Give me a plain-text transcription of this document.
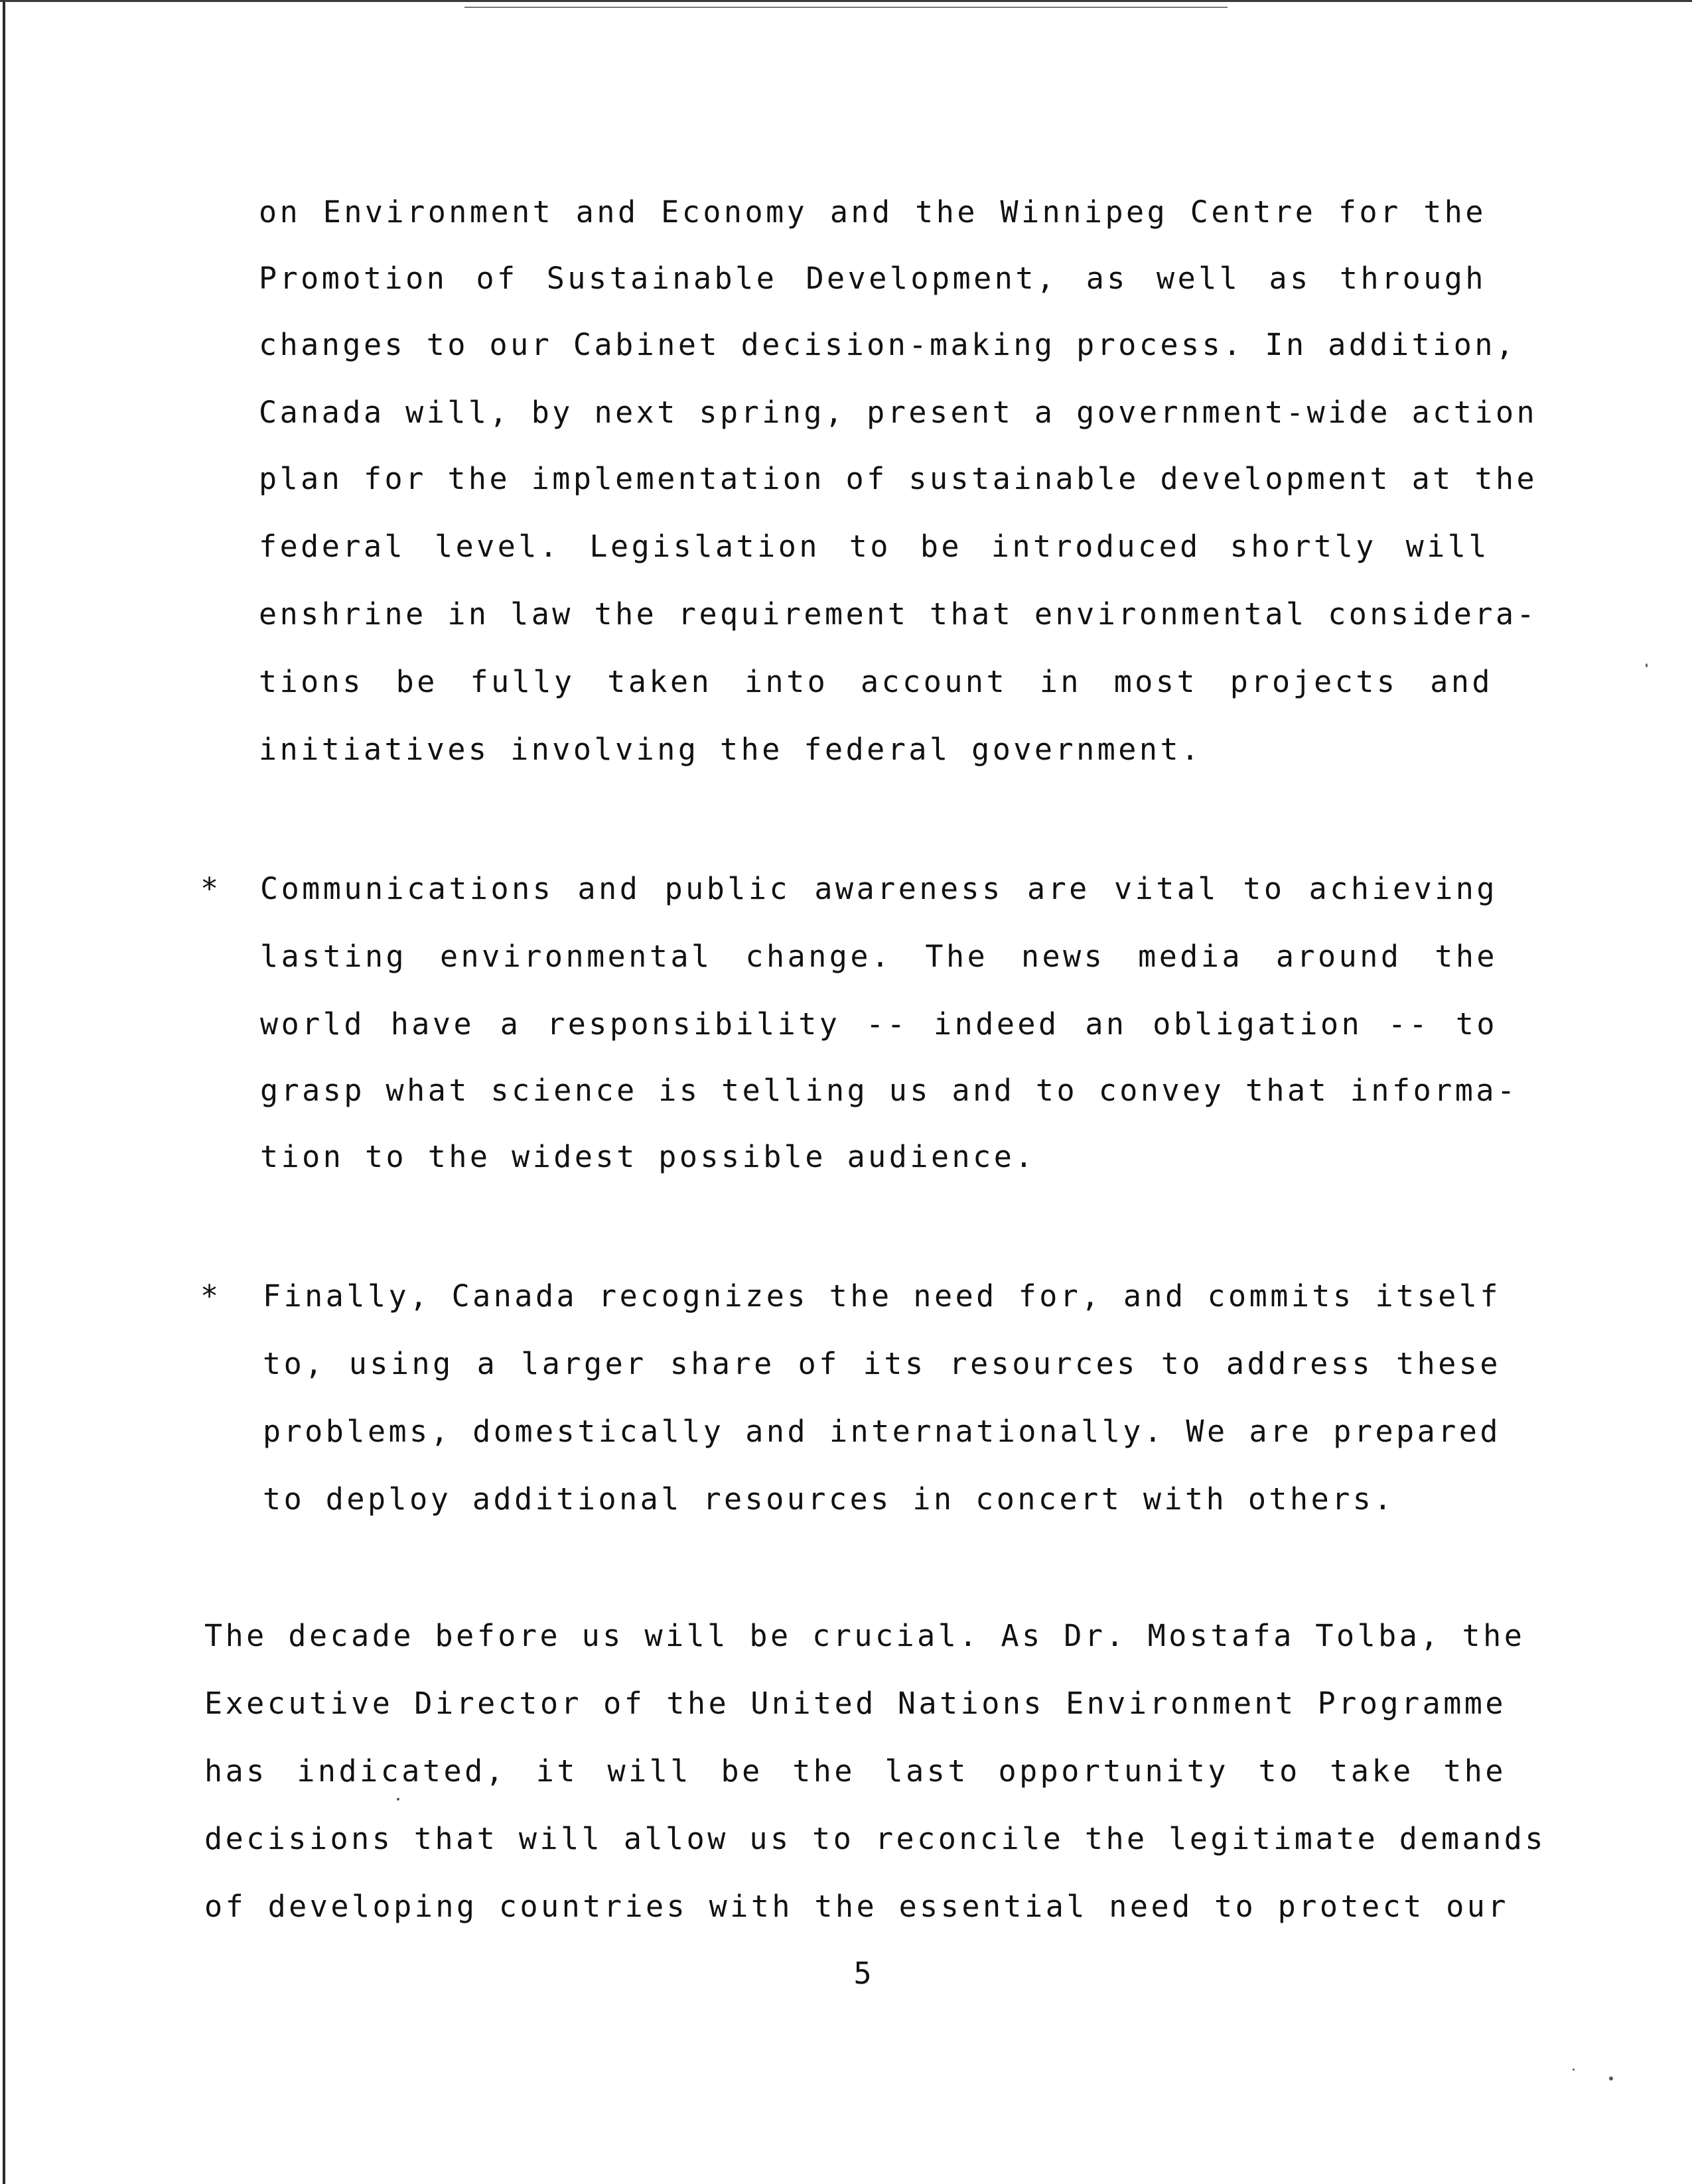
on Environment and Economy and the Winnipeg Centre for the
Promotion of Sustainable Development, as well as through
changes to our Cabinet decision-making process. In addition,
Canada will, by next spring, present a government-wide action
plan for the implementation of sustainable development at the
federal level. Legislation to be introduced shortly will
enshrine in law the requirement that environmental considera-
tions be fully taken into account in most projects and
initiatives involving the federal government.
* Communications and public awareness are vital to achieving
lasting environmental change. The news media around the
world have a responsibility -- indeed an obligation -- to
grasp what science is telling us and to convey that informa-
tion to the widest possible audience.
* Finally, Canada recognizes the need for, and commits itself
to, using a larger share of its resources to address these
problems, domestically and internationally. We are prepared
to deploy additional resources in concert with others.
The decade before us will be crucial. As Dr. Mostafa Tolba, the
Executive Director of the United Nations Environment Programme
has indicated, it will be the last opportunity to take the
decisions that will allow us to reconcile the legitimate demands
of developing countries with the essential need to protect our
5
